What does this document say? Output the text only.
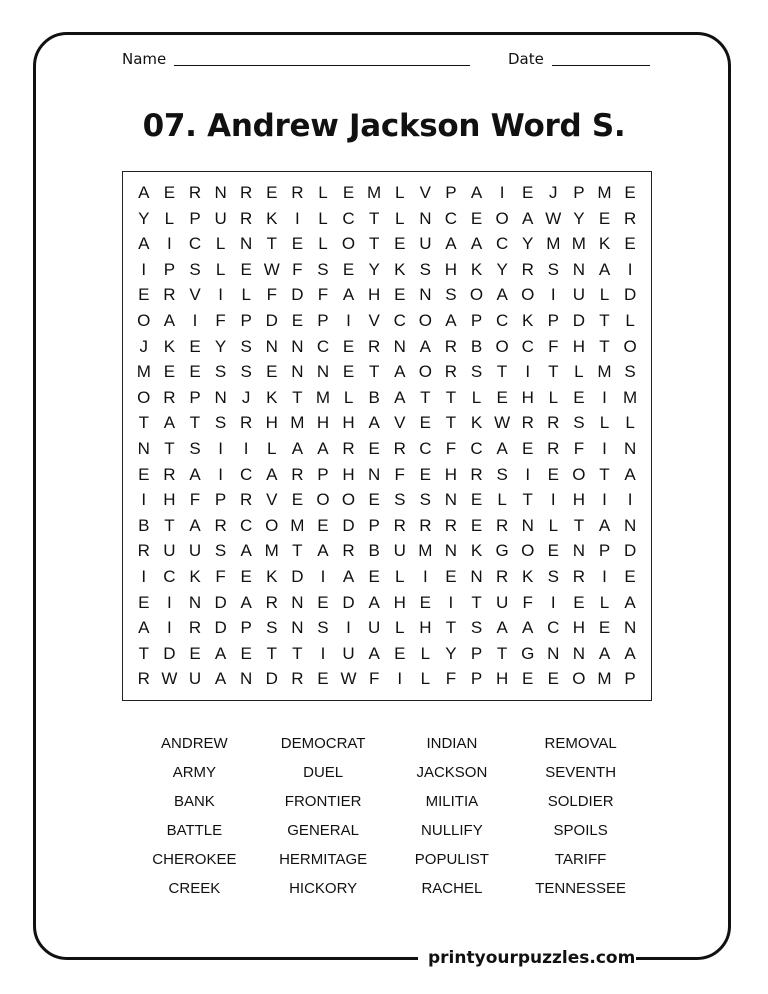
Name	Date
07. Andrew Jackson Word S.
A E R N R E R L E M L V P A	I	E J P M E
Y L P U R K	I	L C T L N C E O A W Y E R
A	I	C L N T E L O T E U A A C Y M M K E
I	P S L E W F S E Y K S H K Y R S N A	I
E R V	I	L F D F A H E N S O A O I	U L D
O A	I	F P D E P	I	V C O A P C K P D T L
J K E Y S N N C E R N A R B O C F H T O
M E E S S E N N E T A O R S T	I	T L M S
O R P N J K T M L B A T T L E H L E	I M
T A T S R H M H H A V E T K W R R S L L
N T S	I	I	L A A R E R C F C A E R F	I	N
E R A	I	C A R P H N F E H R S	I	E O T A
I	H F P R V E O O E S S N E L T	I	H	I	I
B T A R C O M E D P R R R E R N L T A N
R U U S A M T A R B U M N K G O E N P D
I	C K F E K D	I	A E L	I	E N R K S R	I	E
E	I	N D A R N E D A H E	I	T U F	I	E L A
A	I	R D P S N S	I	U L H T S A A C H E N
T D E A E T T	I	U A E L Y P T G N N A A
R W U A N D R E W F	I	L F P H E E O M P
ANDREW	DEMOCRAT	INDIAN	REMOVAL
ARMY	DUEL	JACKSON	SEVENTH
BANK	FRONTIER	MILITIA	SOLDIER
BATTLE	GENERAL	NULLIFY	SPOILS
CHEROKEE	HERMITAGE	POPULIST	TARIFF
CREEK	HICKORY	RACHEL	TENNESSEE
printyourpuzzles.com
